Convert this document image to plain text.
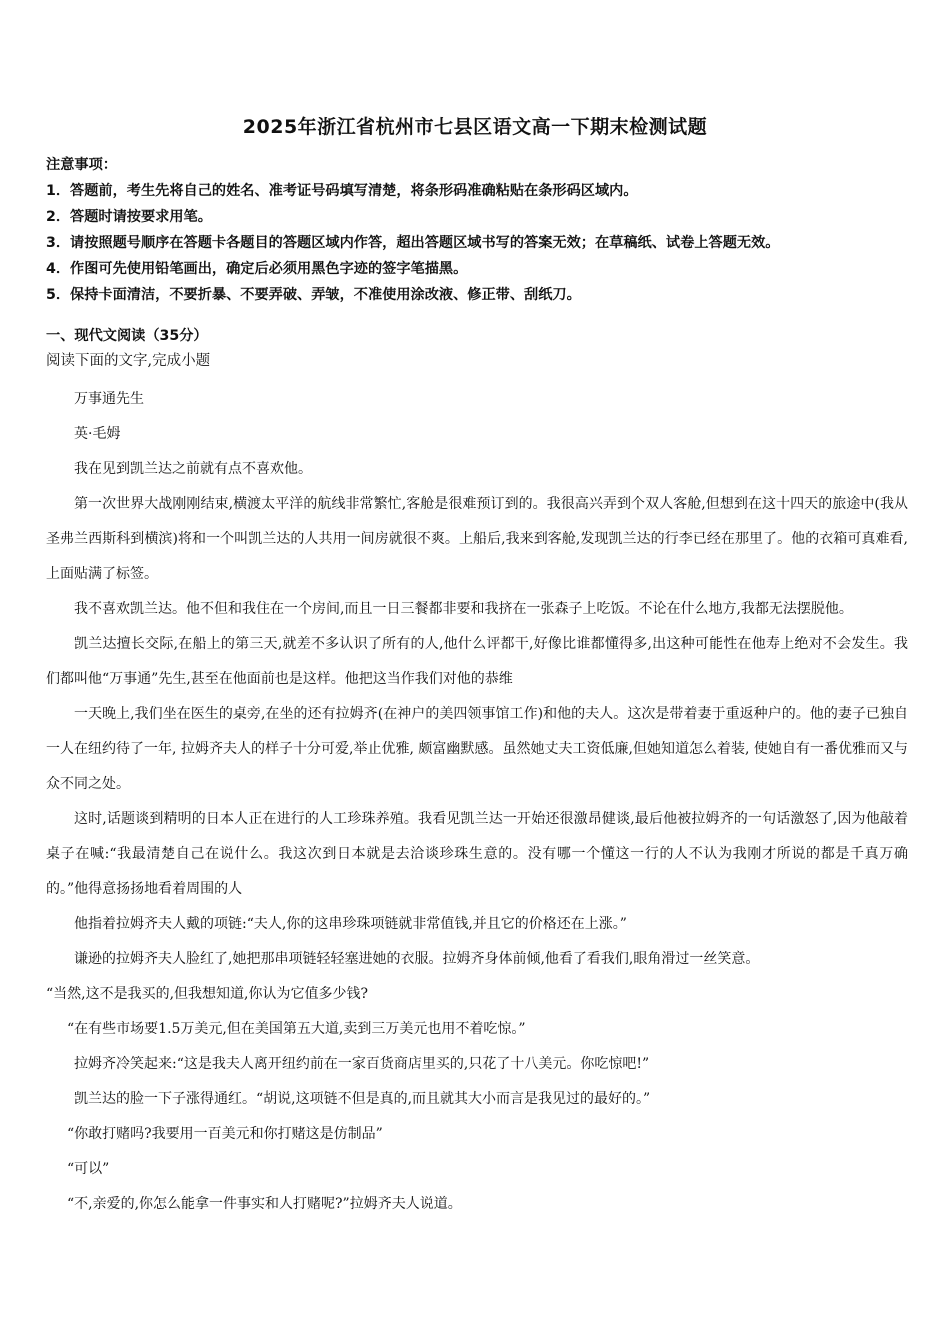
2025年浙江省杭州市七县区语文高一下期末检测试题
注意事项：
1．答题前，考生先将自己的姓名、准考证号码填写清楚，将条形码准确粘贴在条形码区域内。
2．答题时请按要求用笔。
3．请按照题号顺序在答题卡各题目的答题区域内作答，超出答题区域书写的答案无效；在草稿纸、试卷上答题无效。
4．作图可先使用铅笔画出，确定后必须用黑色字迹的签字笔描黑。
5．保持卡面清洁，不要折暴、不要弄破、弄皱，不准使用涂改液、修正带、刮纸刀。
一、现代文阅读（35分）
阅读下面的文字,完成小题

万事通先生

英·毛姆

我在见到凯兰达之前就有点不喜欢他。

第一次世界大战刚刚结束,横渡太平洋的航线非常繁忙,客舱是很难预订到的。我很高兴弄到个双人客舱,但想到在这十四天的旅途中(我从圣弗兰西斯科到横滨)将和一个叫凯兰达的人共用一间房就很不爽。上船后,我来到客舱,发现凯兰达的行李已经在那里了。他的衣箱可真难看,上面贴满了标签。

我不喜欢凯兰达。他不但和我住在一个房间,而且一日三餐都非要和我挤在一张森子上吃饭。不论在什么地方,我都无法摆脱他。

凯兰达擅长交际,在船上的第三天,就差不多认识了所有的人,他什么评都干,好像比谁都懂得多,出这种可能性在他寿上绝对不会发生。我们都叫他“万事通”先生,甚至在他面前也是这样。他把这当作我们对他的恭维

一天晚上,我们坐在医生的桌旁,在坐的还有拉姆齐(在神户的美四领事馆工作)和他的夫人。这次是带着妻于重返种户的。他的妻子已独自一人在纽约待了一年, 拉姆齐夫人的样子十分可爱,举止优雅, 颇富幽默感。虽然她丈夫工资低廉,但她知道怎么着装, 使她自有一番优雅而又与众不同之处。

这时,话题谈到精明的日本人正在进行的人工珍珠养殖。我看见凯兰达一开始还很激昂健谈,最后他被拉姆齐的一句话激怒了,因为他敲着桌子在喊:“我最清楚自己在说什么。我这次到日本就是去洽谈珍珠生意的。没有哪一个懂这一行的人不认为我刚才所说的都是千真万确的。”他得意扬扬地看着周围的人

他指着拉姆齐夫人戴的项链:“夫人,你的这串珍珠项链就非常值钱,并且它的价格还在上涨。”

谦逊的拉姆齐夫人脸红了,她把那串项链轻轻塞进她的衣服。拉姆齐身体前倾,他看了看我们,眼角滑过一丝笑意。

“当然,这不是我买的,但我想知道,你认为它值多少钱?

“在有些市场要1.5万美元,但在美国第五大道,卖到三万美元也用不着吃惊。”

拉姆齐冷笑起来:“这是我夫人离开纽约前在一家百货商店里买的,只花了十八美元。你吃惊吧!”

凯兰达的脸一下子涨得通红。“胡说,这项链不但是真的,而且就其大小而言是我见过的最好的。”

“你敢打赌吗?我要用一百美元和你打赌这是仿制品”

“可以”

“不,亲爱的,你怎么能拿一件事实和人打赌呢?”拉姆齐夫人说道。
